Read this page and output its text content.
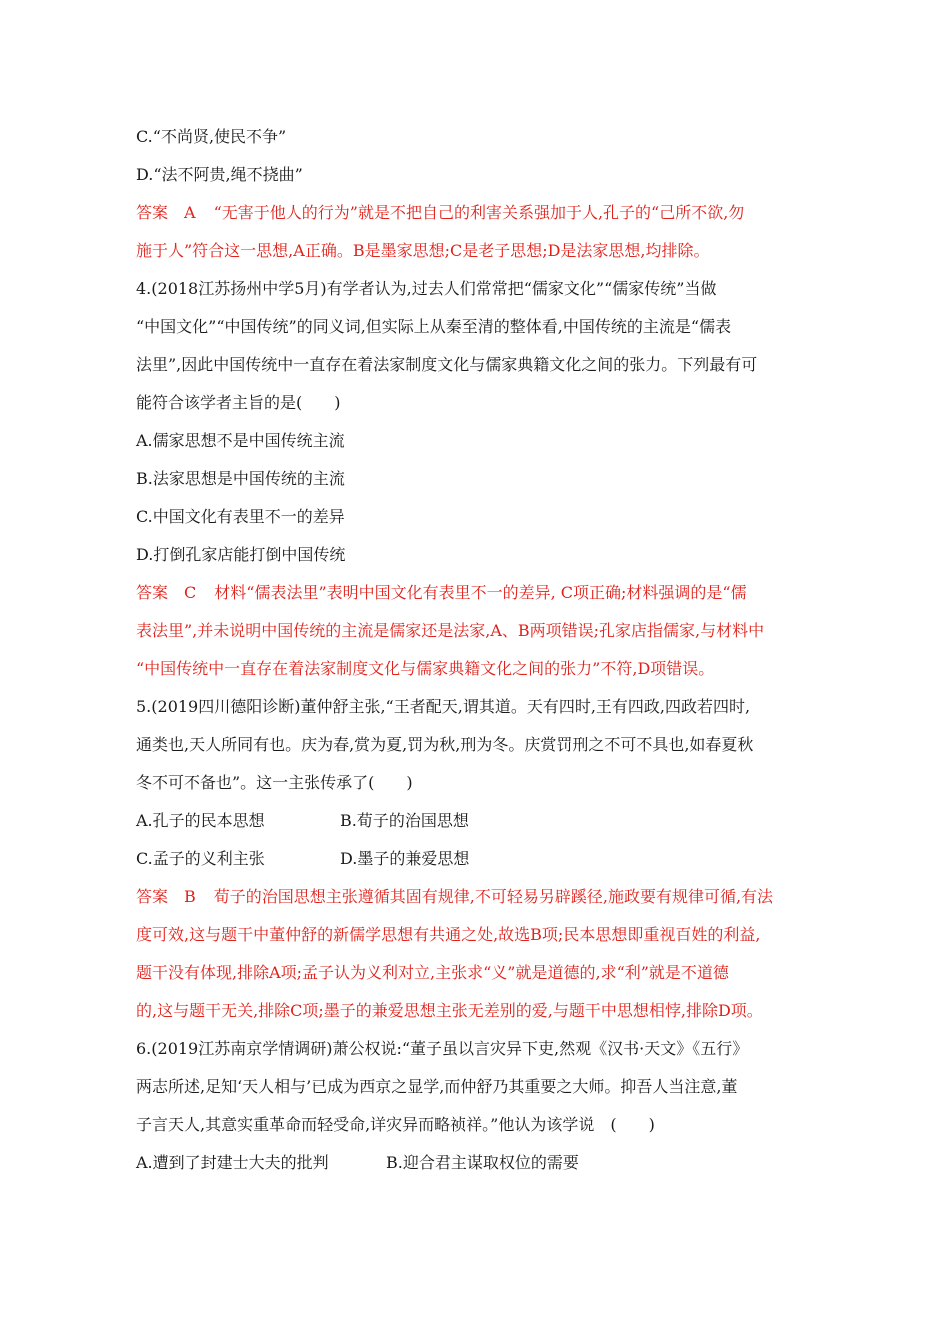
C.“不尚贤,使民不争”
D.“法不阿贵,绳不挠曲”
答案 A “无害于他人的行为”就是不把自己的利害关系强加于人,孔子的“己所不欲,勿
施于人”符合这一思想,A正确。B是墨家思想;C是老子思想;D是法家思想,均排除。
4.(2018江苏扬州中学5月)有学者认为,过去人们常常把“儒家文化”“儒家传统”当做
“中国文化”“中国传统”的同义词,但实际上从秦至清的整体看,中国传统的主流是“儒表
法里”,因此中国传统中一直存在着法家制度文化与儒家典籍文化之间的张力。下列最有可
能符合该学者主旨的是(　　)
A.儒家思想不是中国传统主流
B.法家思想是中国传统的主流
C.中国文化有表里不一的差异
D.打倒孔家店能打倒中国传统
答案 C 材料“儒表法里”表明中国文化有表里不一的差异, C项正确;材料强调的是“儒
表法里”,并未说明中国传统的主流是儒家还是法家,A、B两项错误;孔家店指儒家,与材料中
“中国传统中一直存在着法家制度文化与儒家典籍文化之间的张力”不符,D项错误。
5.(2019四川德阳诊断)董仲舒主张,“王者配天,谓其道。天有四时,王有四政,四政若四时,
通类也,天人所同有也。庆为春,赏为夏,罚为秋,刑为冬。庆赏罚刑之不可不具也,如春夏秋
冬不可不备也”。这一主张传承了(　　)
A.孔子的民本思想	B.荀子的治国思想
C.孟子的义利主张	D.墨子的兼爱思想
答案 B 荀子的治国思想主张遵循其固有规律,不可轻易另辟蹊径,施政要有规律可循,有法
度可效,这与题干中董仲舒的新儒学思想有共通之处,故选B项;民本思想即重视百姓的利益,
题干没有体现,排除A项;孟子认为义利对立,主张求“义”就是道德的,求“利”就是不道德
的,这与题干无关,排除C项;墨子的兼爱思想主张无差别的爱,与题干中思想相悖,排除D项。
6.(2019江苏南京学情调研)萧公权说:“董子虽以言灾异下吏,然观《汉书·天文》《五行》
两志所述,足知‘天人相与’已成为西京之显学,而仲舒乃其重要之大师。抑吾人当注意,董
子言天人,其意实重革命而轻受命,详灾异而略祯祥。”他认为该学说　(　　)
A.遭到了封建士大夫的批判	B.迎合君主谋取权位的需要
